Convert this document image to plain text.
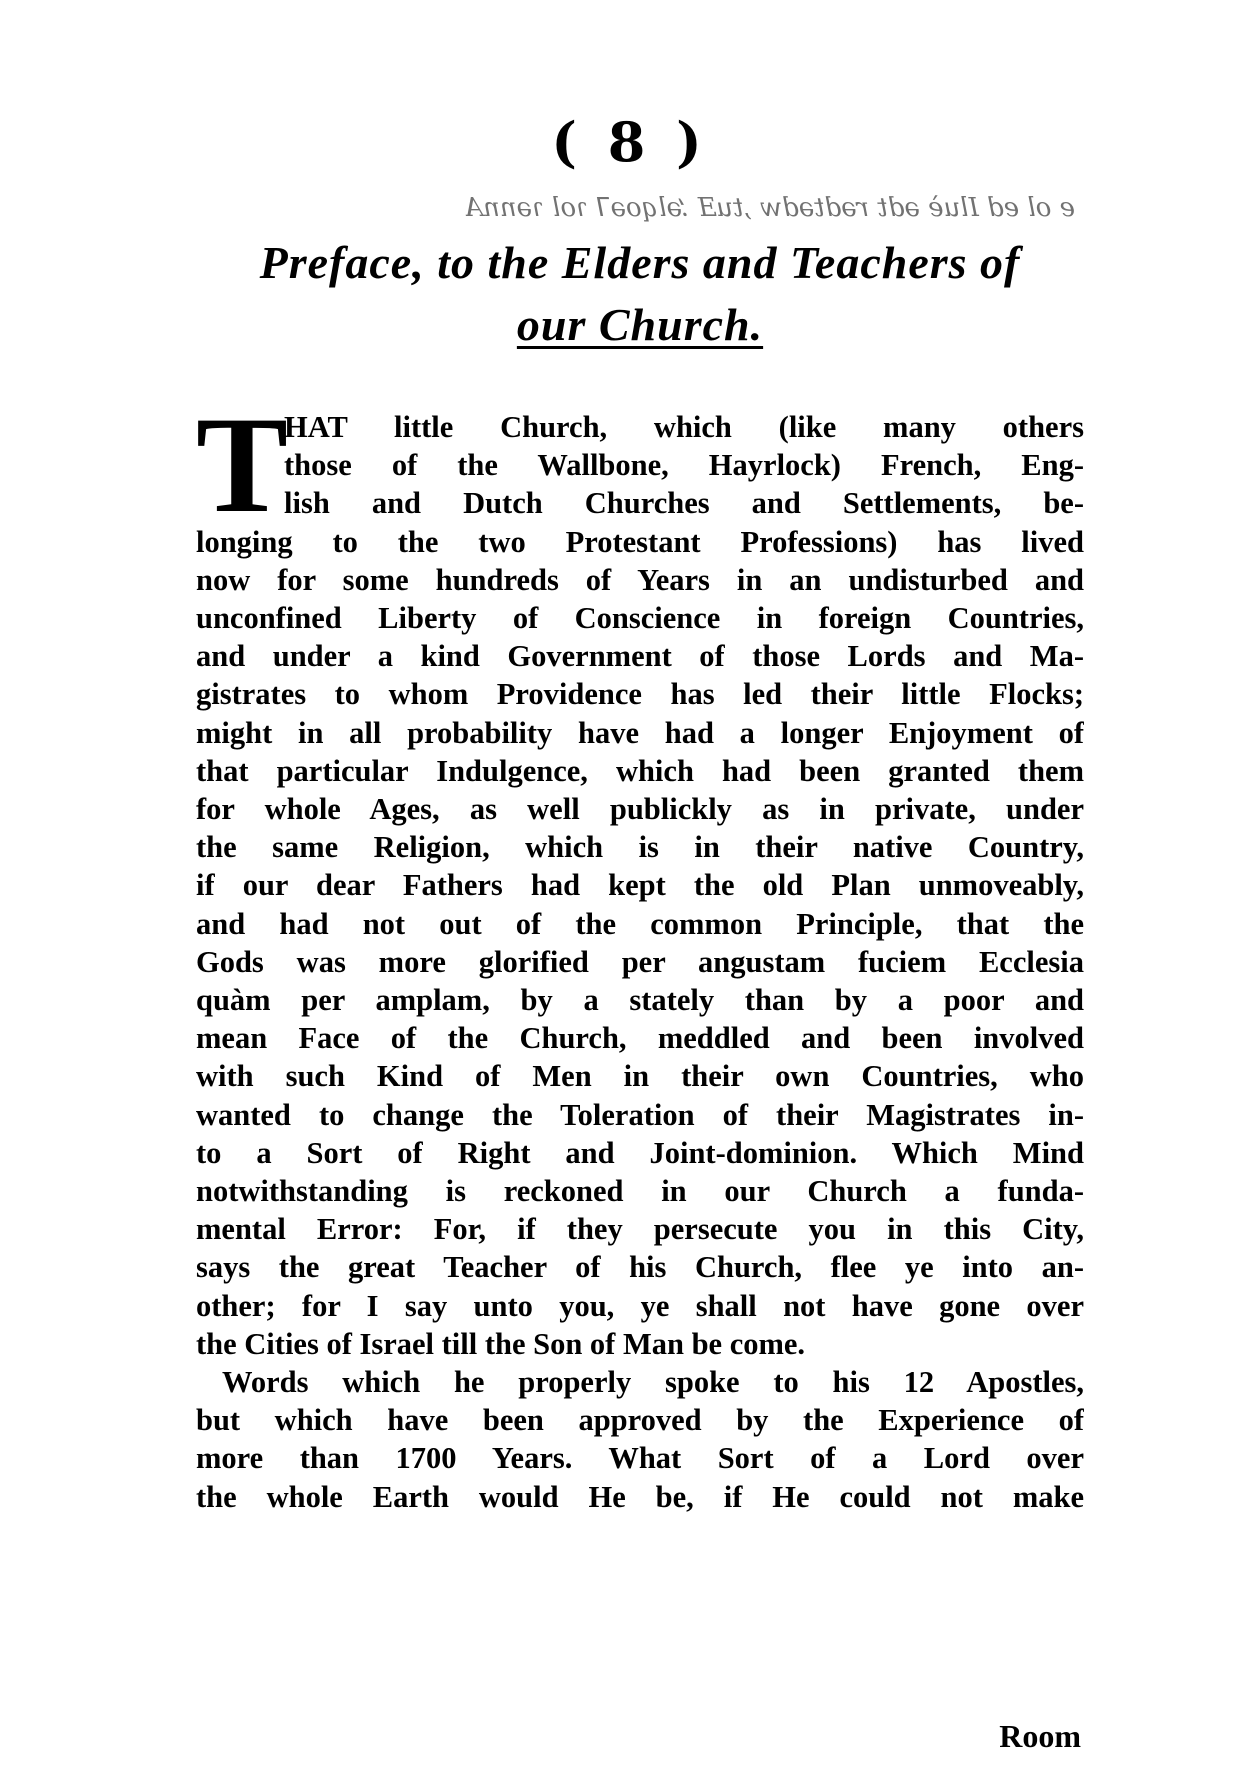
( 8 )
e ol ed Iluè ədt rədtədw ,tuƎ ⸵əlqoə⅂ ɿol ɿənnA
Preface, to the Elders and Teachers of
our Church.
T
HAT little Church, which (like many others
those of the Wallbone, Hayrlock) French, Eng-
lish and Dutch Churches and Settlements, be-
longing to the two Protestant Professions) has lived
now for some hundreds of Years in an undisturbed and
unconfined Liberty of Conscience in foreign Countries,
and under a kind Government of those Lords and Ma-
gistrates to whom Providence has led their little Flocks;
might in all probability have had a longer Enjoyment of
that particular Indulgence, which had been granted them
for whole Ages, as well publickly as in private, under
the same Religion, which is in their native Country,
if our dear Fathers had kept the old Plan unmoveably,
and had not out of the common Principle, that the
Gods was more glorified per angustam fuciem Ecclesia
quàm per amplam, by a stately than by a poor and
mean Face of the Church, meddled and been involved
with such Kind of Men in their own Countries, who
wanted to change the Toleration of their Magistrates in-
to a Sort of Right and Joint-dominion. Which Mind
notwithstanding is reckoned in our Church a funda-
mental Error: For, if they persecute you in this City,
says the great Teacher of his Church, flee ye into an-
other; for I say unto you, ye shall not have gone over
the Cities of Israel till the Son of Man be come.
Words which he properly spoke to his 12 Apostles,
but which have been approved by the Experience of
more than 1700 Years. What Sort of a Lord over
the whole Earth would He be, if He could not make
Room
